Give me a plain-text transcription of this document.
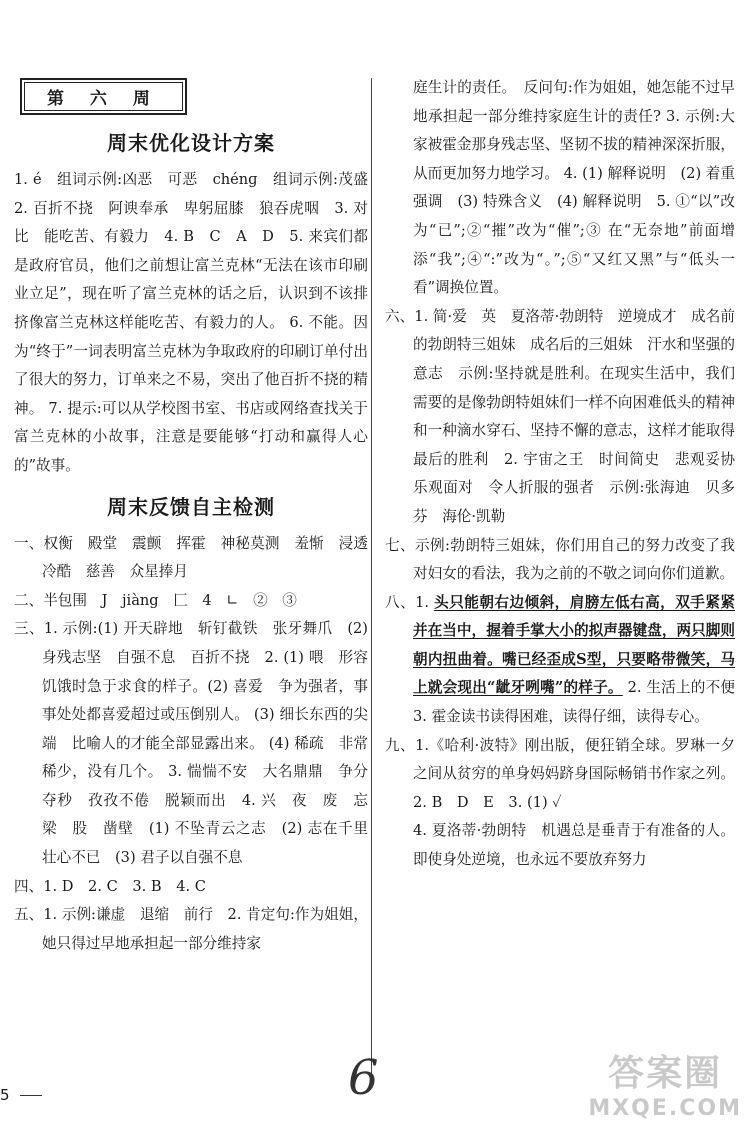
第 六 周
周末优化设计方案

1. é　组词示例:凶恶　可恶　chénɡ　组词示例:茂盛　2. 百折不挠　阿谀奉承　卑躬屈膝　狼吞虎咽　3. 对比　能吃苦、有毅力　4. B　C　A　D　5. 来宾们都是政府官员，他们之前想让富兰克林“无法在该市印刷业立足”，现在听了富兰克林的话之后，认识到不该排挤像富兰克林这样能吃苦、有毅力的人。 6. 不能。因为“终于”一词表明富兰克林为争取政府的印刷订单付出了很大的努力，订单来之不易，突出了他百折不挠的精神。 7. 提示:可以从学校图书室、书店或网络查找关于富兰克林的小故事，注意是要能够“打动和赢得人心的”故事。

周末反馈自主检测

一、权衡　殿堂　震颤　挥霍　神秘莫测　羞惭　浸透　冷酷　慈善　众星捧月

二、半包围　J　jiàng　匚　4　∟　②　③

三、1. 示例:(1) 开天辟地　斩钉截铁　张牙舞爪　(2) 身残志坚　自强不息　百折不挠　2. (1) 喂　形容饥饿时急于求食的样子。(2) 喜爱　争为强者，事事处处都喜爱超过或压倒别人。 (3) 细长东西的尖端　比喻人的才能全部显露出来。 (4) 稀疏　非常稀少，没有几个。 3. 惴惴不安　大名鼎鼎　争分夺秒　孜孜不倦　脱颖而出　4. 兴　夜　废　忘　梁　股　凿壁　(1) 不坠青云之志　(2) 志在千里　壮心不已　(3) 君子以自强不息

四、1. D　2. C　3. B　4. C

五、1. 示例:谦虚　退缩　前行　2. 肯定句:作为姐姐，她只得过早地承担起一部分维持家

庭生计的责任。　反问句:作为姐姐，她怎能不过早地承担起一部分维持家庭生计的责任? 3. 示例:大家被霍金那身残志坚、坚韧不拔的精神深深折服，从而更加努力地学习。 4. (1) 解释说明　(2) 着重强调　(3) 特殊含义　(4) 解释说明　5. ①“以”改为“已”;②“摧”改为“催”;③ 在“无奈地”前面增添“我”;④“:”改为“。”;⑤“又红又黑”与“低头一看”调换位置。

六、1. 简·爱　英　夏洛蒂·勃朗特　逆境成才　成名前的勃朗特三姐妹　成名后的三姐妹　汗水和坚强的意志　示例:坚持就是胜利。在现实生活中，我们需要的是像勃朗特姐妹们一样不向困难低头的精神和一种滴水穿石、坚持不懈的意志，这样才能取得最后的胜利　2. 宇宙之王　时间简史　悲观妥协　乐观面对　令人折服的强者　示例:张海迪　贝多芬　海伦·凯勒

七、示例:勃朗特三姐妹，你们用自己的努力改变了我对妇女的看法，我为之前的不敬之词向你们道歉。

八、1. 头只能朝右边倾斜，肩膀左低右高，双手紧紧并在当中，握着手掌大小的拟声器键盘，两只脚则朝内扭曲着。嘴已经歪成S型，只要略带微笑，马上就会现出“龇牙咧嘴”的样子。 2. 生活上的不便　3. 霍金读书读得困难，读得仔细，读得专心。

九、1.《哈利·波特》刚出版，便狂销全球。罗琳一夕之间从贫穷的单身妈妈跻身国际畅销书作家之列。 2. B　D　E　3. (1) ✓

4. 夏洛蒂·勃朗特　机遇总是垂青于有准备的人。即使身处逆境，也永远不要放弃努力

5	6	答案圈
MXQE.COM
